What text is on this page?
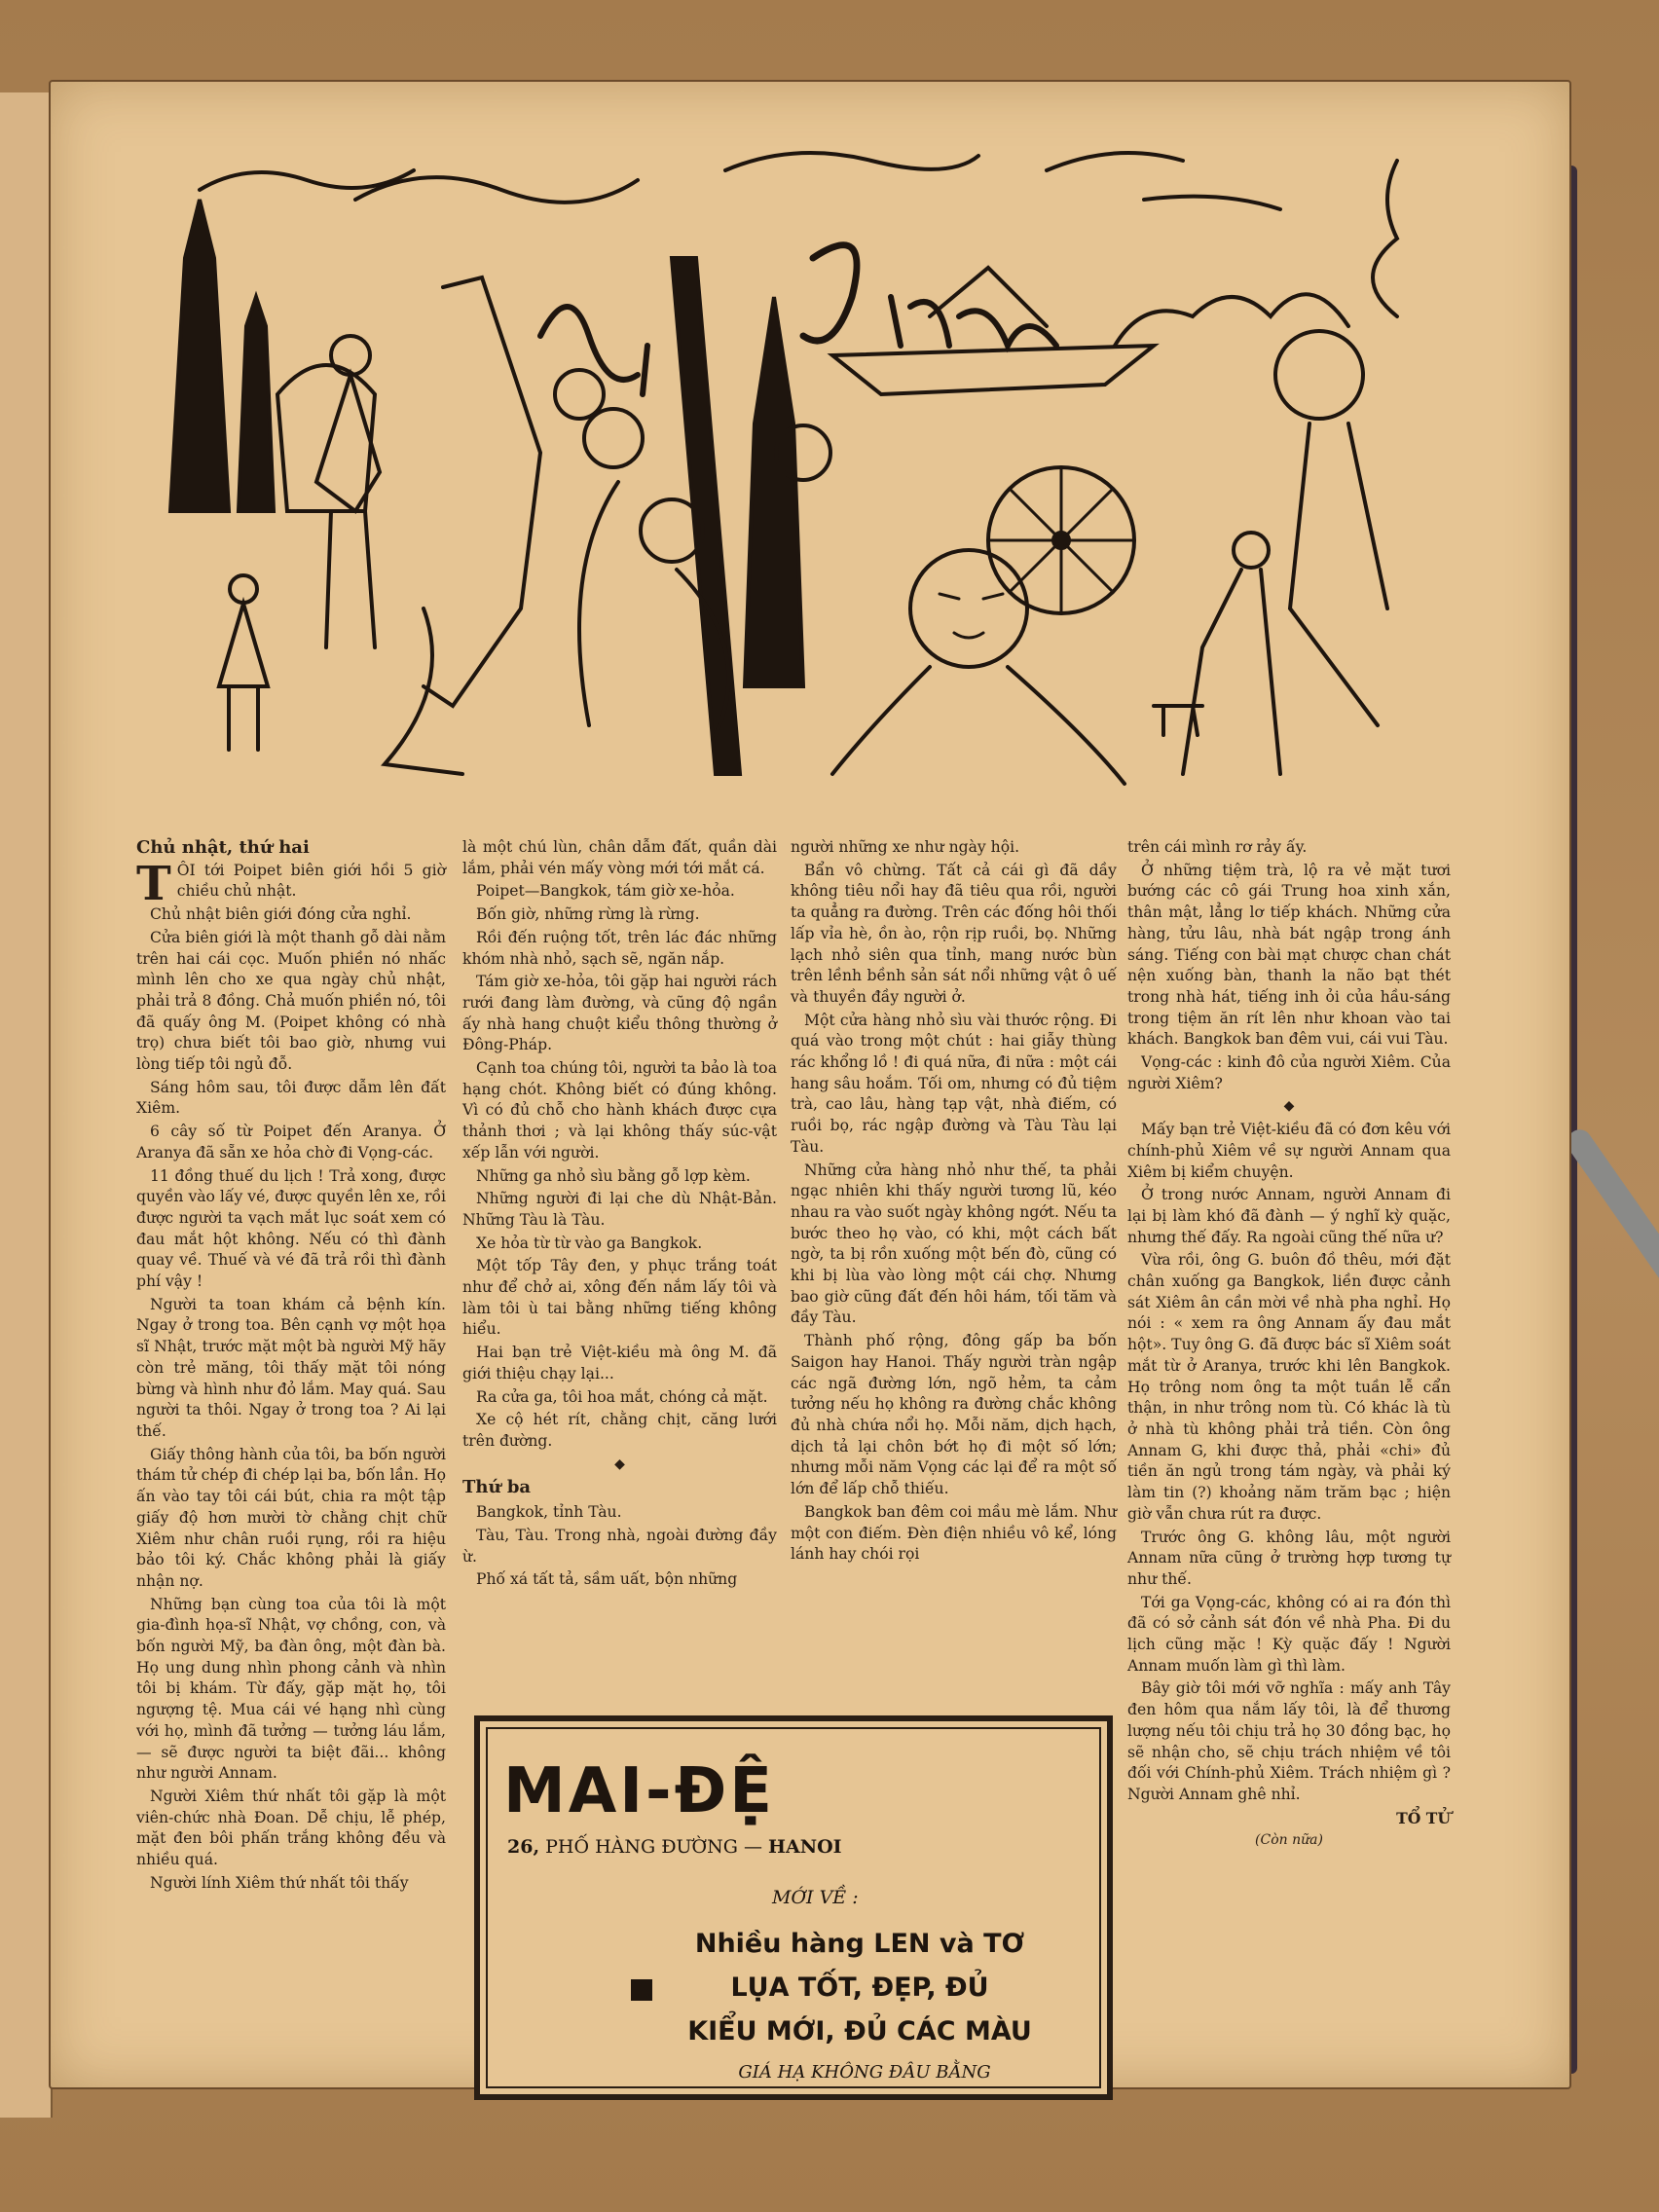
Chủ nhật, thứ hai

TÔI tới Poipet biên giới hồi 5 giờ chiều chủ nhật.

Chủ nhật biên giới đóng cửa nghỉ.

Cửa biên giới là một thanh gỗ dài nằm trên hai cái cọc. Muốn phiền nó nhấc mình lên cho xe qua ngày chủ nhật, phải trả 8 đồng. Chả muốn phiền nó, tôi đã quấy ông M. (Poipet không có nhà trọ) chưa biết tôi bao giờ, nhưng vui lòng tiếp tôi ngủ đỗ.

Sáng hôm sau, tôi được dẫm lên đất Xiêm.

6 cây số từ Poipet đến Aranya. Ở Aranya đã sẵn xe hỏa chờ đi Vọng-các.

11 đồng thuế du lịch ! Trả xong, được quyền vào lấy vé, được quyền lên xe, rồi được người ta vạch mắt lục soát xem có đau mắt hột không. Nếu có thì đành quay về. Thuế và vé đã trả rồi thì đành phí vậy !

Người ta toan khám cả bệnh kín. Ngay ở trong toa. Bên cạnh vợ một họa sĩ Nhật, trước mặt một bà người Mỹ hãy còn trẻ măng, tôi thấy mặt tôi nóng bừng và hình như đỏ lắm. May quá. Sau người ta thôi. Ngay ở trong toa ? Ai lại thế.

Giấy thông hành của tôi, ba bốn người thám tử chép đi chép lại ba, bốn lần. Họ ấn vào tay tôi cái bút, chia ra một tập giấy độ hơn mười tờ chằng chịt chữ Xiêm như chân ruồi rụng, rồi ra hiệu bảo tôi ký. Chắc không phải là giấy nhận nợ.

Những bạn cùng toa của tôi là một gia-đình họa-sĩ Nhật, vợ chồng, con, và bốn người Mỹ, ba đàn ông, một đàn bà. Họ ung dung nhìn phong cảnh và nhìn tôi bị khám. Từ đấy, gặp mặt họ, tôi ngượng tệ. Mua cái vé hạng nhì cùng với họ, mình đã tưởng — tưởng láu lắm, — sẽ được người ta biệt đãi... không như người Annam.

Người Xiêm thứ nhất tôi gặp là một viên-chức nhà Đoan. Dễ chịu, lễ phép, mặt đen bôi phấn trắng không đều và nhiều quá.

Người lính Xiêm thứ nhất tôi thấy

là một chú lùn, chân dẫm đất, quần dài lắm, phải vén mấy vòng mới tới mắt cá.

Poipet—Bangkok, tám giờ xe-hỏa.

Bốn giờ, những rừng là rừng.

Rồi đến ruộng tốt, trên lác đác những khóm nhà nhỏ, sạch sẽ, ngăn nắp.

Tám giờ xe-hỏa, tôi gặp hai người rách rưới đang làm đường, và cũng độ ngần ấy nhà hang chuột kiểu thông thường ở Đông-Pháp.

Cạnh toa chúng tôi, người ta bảo là toa hạng chót. Không biết có đúng không. Vì có đủ chỗ cho hành khách được cựa thảnh thơi ; và lại không thấy súc-vật xếp lẫn với người.

Những ga nhỏ sìu bằng gỗ lợp kèm.

Những người đi lại che dù Nhật-Bản. Những Tàu là Tàu.

Xe hỏa từ từ vào ga Bangkok.

Một tốp Tây đen, y phục trắng toát như để chở ai, xông đến nắm lấy tôi và làm tôi ù tai bằng những tiếng không hiểu.

Hai bạn trẻ Việt-kiều mà ông M. đã giới thiệu chạy lại...

Ra cửa ga, tôi hoa mắt, chóng cả mặt.

Xe cộ hét rít, chằng chịt, căng lưới trên đường.

◆

Thứ ba

Bangkok, tỉnh Tàu.

Tàu, Tàu. Trong nhà, ngoài đường đầy ừ.

Phố xá tất tả, sầm uất, bộn những

người những xe như ngày hội.

Bẩn vô chừng. Tất cả cái gì đã dầy không tiêu nổi hay đã tiêu qua rồi, người ta quẳng ra đường. Trên các đống hôi thối lấp vỉa hè, ồn ào, rộn rịp ruồi, bọ. Những lạch nhỏ siên qua tỉnh, mang nước bùn trên lềnh bềnh sản sát nổi những vật ô uế và thuyền đầy người ở.

Một cửa hàng nhỏ sìu vài thước rộng. Đi quá vào trong một chút : hai giẫy thùng rác khổng lồ ! đi quá nữa, đi nữa : một cái hang sâu hoắm. Tối om, nhưng có đủ tiệm trà, cao lâu, hàng tạp vật, nhà điếm, có ruồi bọ, rác ngập đường và Tàu Tàu lại Tàu.

Những cửa hàng nhỏ như thế, ta phải ngạc nhiên khi thấy người tương lũ, kéo nhau ra vào suốt ngày không ngớt. Nếu ta bước theo họ vào, có khi, một cách bất ngờ, ta bị rồn xuống một bến đò, cũng có khi bị lùa vào lòng một cái chợ. Nhưng bao giờ cũng đất đến hôi hám, tối tăm và đầy Tàu.

Thành phố rộng, đông gấp ba bốn Saigon hay Hanoi. Thấy người tràn ngập các ngã đường lớn, ngõ hẻm, ta cảm tưởng nếu họ không ra đường chắc không đủ nhà chứa nổi họ. Mỗi năm, dịch hạch, dịch tả lại chôn bớt họ đi một số lớn; nhưng mỗi năm Vọng các lại để ra một số lớn để lấp chỗ thiếu.

Bangkok ban đêm coi mầu mè lắm. Như một con điếm. Đèn điện nhiều vô kể, lóng lánh hay chói rọi

trên cái mình rơ rảy ấy.

Ở những tiệm trà, lộ ra vẻ mặt tươi bướng các cô gái Trung hoa xinh xắn, thân mật, lẳng lơ tiếp khách. Những cửa hàng, tửu lâu, nhà bát ngập trong ánh sáng. Tiếng con bài mạt chược chan chát nện xuống bàn, thanh la não bạt thét trong nhà hát, tiếng inh ỏi của hầu-sáng trong tiệm ăn rít lên như khoan vào tai khách. Bangkok ban đêm vui, cái vui Tàu.

Vọng-các : kinh đô của người Xiêm. Của người Xiêm?

◆

Mấy bạn trẻ Việt-kiều đã có đơn kêu với chính-phủ Xiêm về sự người Annam qua Xiêm bị kiểm chuyện.

Ở trong nước Annam, người Annam đi lại bị làm khó đã đành — ý nghĩ kỳ quặc, nhưng thế đấy. Ra ngoài cũng thế nữa ư?

Vừa rồi, ông G. buôn đồ thêu, mới đặt chân xuống ga Bangkok, liền được cảnh sát Xiêm ân cần mời về nhà pha nghỉ. Họ nói : « xem ra ông Annam ấy đau mắt hột». Tuy ông G. đã được bác sĩ Xiêm soát mắt từ ở Aranya, trước khi lên Bangkok. Họ trông nom ông ta một tuần lễ cẩn thận, in như trông nom tù. Có khác là tù ở nhà tù không phải trả tiền. Còn ông Annam G, khi được thả, phải «chi» đủ tiền ăn ngủ trong tám ngày, và phải ký làm tin (?) khoảng năm trăm bạc ; hiện giờ vẫn chưa rút ra được.

Trước ông G. không lâu, một người Annam nữa cũng ở trường hợp tương tự như thế.

Tới ga Vọng-các, không có ai ra đón thì đã có sở cảnh sát đón về nhà Pha. Đi du lịch cũng mặc ! Kỳ quặc đấy ! Người Annam muốn làm gì thì làm.

Bây giờ tôi mới vỡ nghĩa : mấy anh Tây đen hôm qua nắm lấy tôi, là để thương lượng nếu tôi chịu trả họ 30 đồng bạc, họ sẽ nhận cho, sẽ chịu trách nhiệm về tôi đối với Chính-phủ Xiêm. Trách nhiệm gì ? Người Annam ghê nhỉ.

TỔ TỬ

(Còn nữa)

MAI-ĐỆ
26, PHỐ HÀNG ĐƯỜNG — HANOI
MỚI VỀ :
Nhiều hàng LEN và TƠ
LỤA TỐT, ĐẸP, ĐỦ
KIỂU MỚI, ĐỦ CÁC MÀU
GIÁ HẠ KHÔNG ĐÂU BẰNG
